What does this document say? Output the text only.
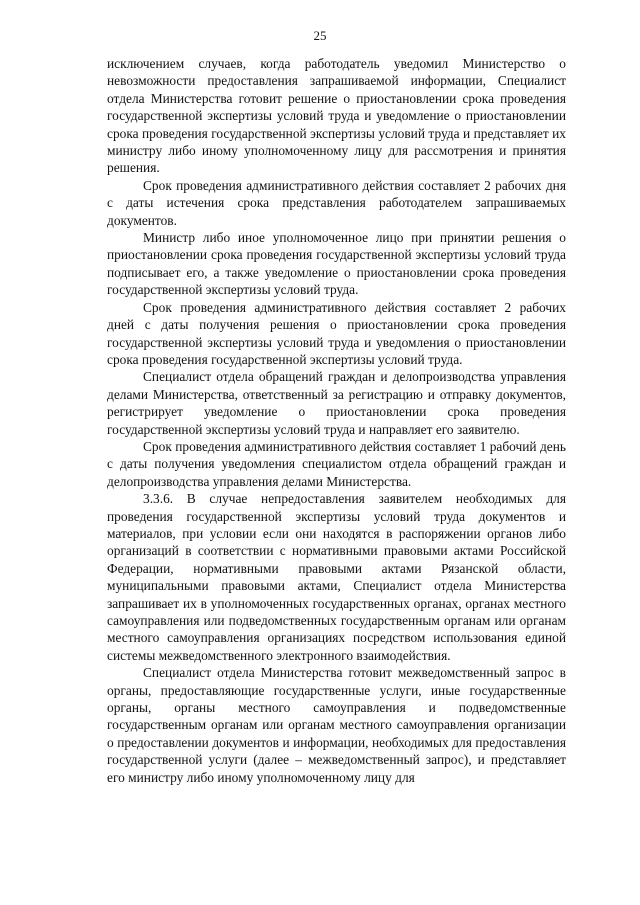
25

исключением случаев, когда работодатель уведомил Министерство о невозможности предоставления запрашиваемой информации, Специалист отдела Министерства готовит решение о приостановлении срока проведения государственной экспертизы условий труда и уведомление о приостановлении срока проведения государственной экспертизы условий труда и представляет их министру либо иному уполномоченному лицу для рассмотрения и принятия решения.

Срок проведения административного действия составляет 2 рабочих дня с даты истечения срока представления работодателем запрашиваемых документов.

Министр либо иное уполномоченное лицо при принятии решения о приостановлении срока проведения государственной экспертизы условий труда подписывает его, а также уведомление о приостановлении срока проведения государственной экспертизы условий труда.

Срок проведения административного действия составляет 2 рабочих дней с даты получения решения о приостановлении срока проведения государственной экспертизы условий труда и уведомления о приостановлении срока проведения государственной экспертизы условий труда.

Специалист отдела обращений граждан и делопроизводства управления делами Министерства, ответственный за регистрацию и отправку документов, регистрирует уведомление о приостановлении срока проведения государственной экспертизы условий труда и направляет его заявителю.

Срок проведения административного действия составляет 1 рабочий день с даты получения уведомления специалистом отдела обращений граждан и делопроизводства управления делами Министерства.

3.3.6. В случае непредоставления заявителем необходимых для проведения государственной экспертизы условий труда документов и материалов, при условии если они находятся в распоряжении органов либо организаций в соответствии с нормативными правовыми актами Российской Федерации, нормативными правовыми актами Рязанской области, муниципальными правовыми актами, Специалист отдела Министерства запрашивает их в уполномоченных государственных органах, органах местного самоуправления или подведомственных государственным органам или органам местного самоуправления организациях посредством использования единой системы межведомственного электронного взаимодействия.

Специалист отдела Министерства готовит межведомственный запрос в органы, предоставляющие государственные услуги, иные государственные органы, органы местного самоуправления и подведомственные государственным органам или органам местного самоуправления организации о предоставлении документов и информации, необходимых для предоставления государственной услуги (далее – межведомственный запрос), и представляет его министру либо иному уполномоченному лицу для
